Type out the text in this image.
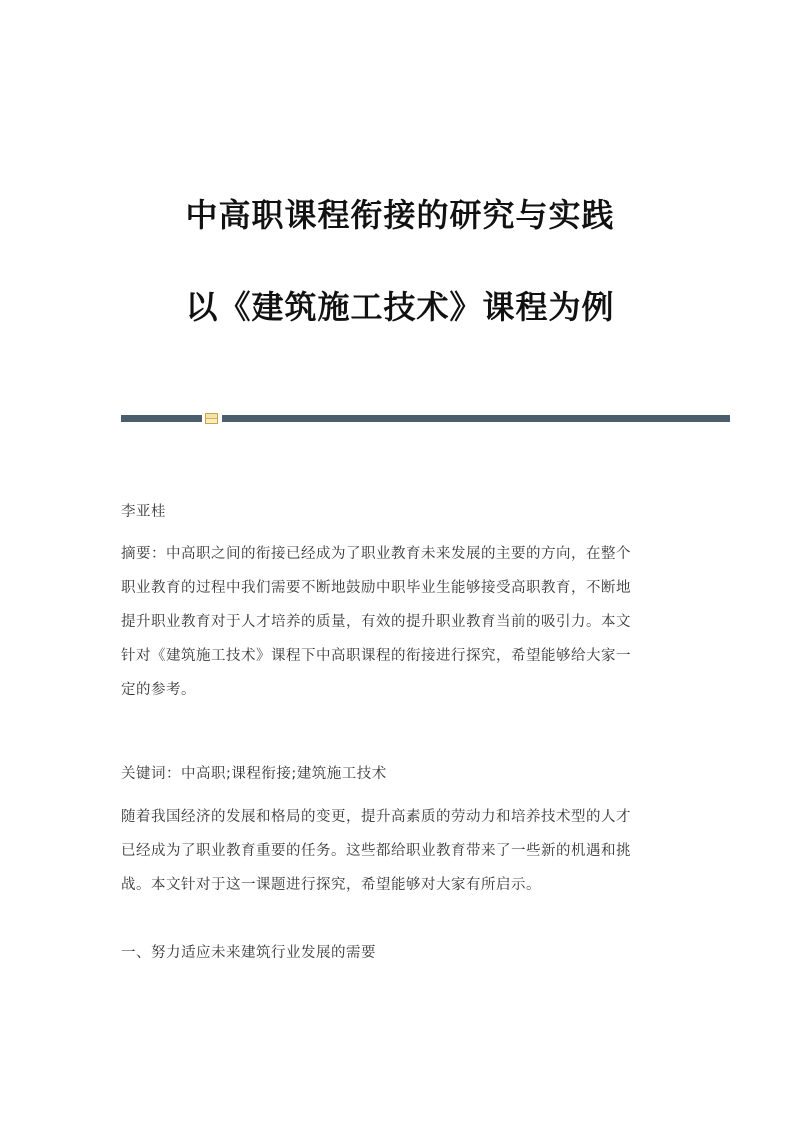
中高职课程衔接的研究与实践
以《建筑施工技术》课程为例

李亚桂

摘要：中高职之间的衔接已经成为了职业教育未来发展的主要的方向，在整个
职业教育的过程中我们需要不断地鼓励中职毕业生能够接受高职教育，不断地
提升职业教育对于人才培养的质量，有效的提升职业教育当前的吸引力。本文
针对《建筑施工技术》课程下中高职课程的衔接进行探究，希望能够给大家一
定的参考。

关键词：中高职;课程衔接;建筑施工技术

随着我国经济的发展和格局的变更，提升高素质的劳动力和培养技术型的人才
已经成为了职业教育重要的任务。这些都给职业教育带来了一些新的机遇和挑
战。本文针对于这一课题进行探究，希望能够对大家有所启示。

一、努力适应未来建筑行业发展的需要
